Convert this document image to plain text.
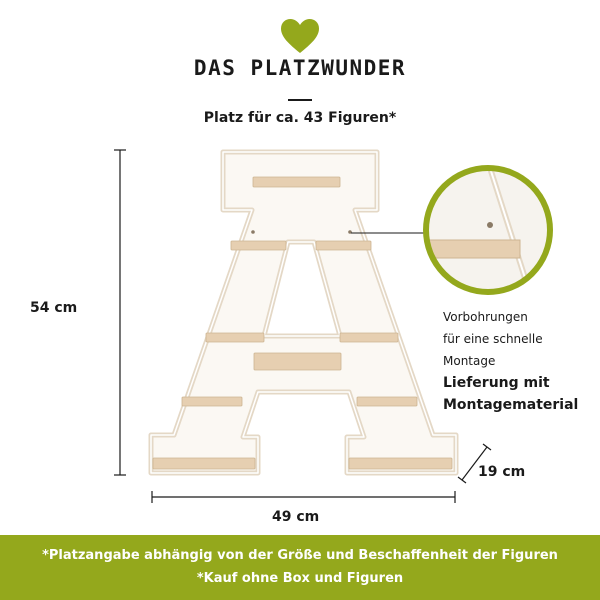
DAS PLATZWUNDER
Platz für ca. 43 Figuren*
54 cm
49 cm
19 cm
Vorbohrungen
für eine schnelle
Montage
Lieferung mit
Montagematerial
*Platzangabe abhängig von der Größe und Beschaffenheit der Figuren
*Kauf ohne Box und Figuren
